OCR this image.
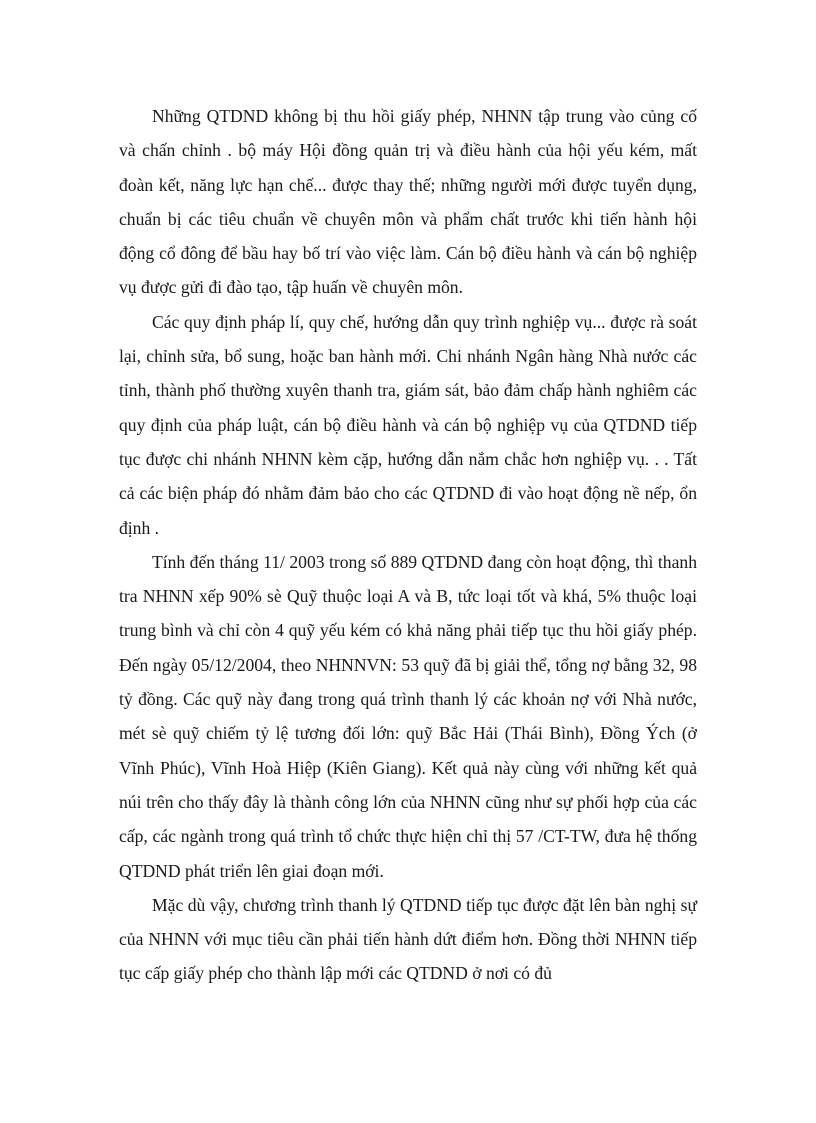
Những QTDND không bị thu hồi giấy phép, NHNN tập trung vào củng cố và chấn chỉnh . bộ máy Hội đồng quản trị và điều hành của hội yếu kém, mất đoàn kết, năng lực hạn chế... được thay thế; những người mới được tuyển dụng, chuẩn bị các tiêu chuẩn về chuyên môn và phẩm chất trước khi tiến hành hội động cổ đông để bầu hay bố trí vào việc làm. Cán bộ điều hành và cán bộ nghiệp vụ được gửi đi đào tạo, tập huấn về chuyên môn.

Các quy định pháp lí, quy chế, hướng dẫn quy trình nghiệp vụ... được rà soát lại, chỉnh sửa, bổ sung, hoặc ban hành mới. Chi nhánh Ngân hàng Nhà nước các tỉnh, thành phố thường xuyên thanh tra, giám sát, bảo đảm chấp hành nghiêm các quy định của pháp luật, cán bộ điều hành và cán bộ nghiệp vụ của QTDND tiếp tục được chi nhánh NHNN kèm cặp, hướng dẫn nắm chắc hơn nghiệp vụ. . . Tất cả các biện pháp đó nhằm đảm bảo cho các QTDND đi vào hoạt động nề nếp, ổn định .

Tính đến tháng 11/ 2003 trong số 889 QTDND đang còn hoạt động, thì thanh tra NHNN xếp 90% sè Quỹ thuộc loại A và B, tức loại tốt và khá, 5% thuộc loại trung bình và chỉ còn 4 quỹ yếu kém có khả năng phải tiếp tục thu hồi giấy phép. Đến ngày 05/12/2004, theo NHNNVN: 53 quỹ đã bị giải thể, tổng nợ bằng 32, 98 tỷ đồng. Các quỹ này đang trong quá trình thanh lý các khoản nợ với Nhà nước, mét sè quỹ chiếm tỷ lệ tương đối lớn: quỹ Bắc Hải (Thái Bình), Đồng Ých (ở Vĩnh Phúc), Vĩnh Hoà Hiệp (Kiên Giang). Kết quả này cùng với những kết quả núi trên cho thấy đây là thành công lớn của NHNN cũng như sự phối hợp của các cấp, các ngành trong quá trình tổ chức thực hiện chỉ thị 57 /CT-TW, đưa hệ thống QTDND phát triển lên giai đoạn mới.

Mặc dù vậy, chương trình thanh lý QTDND tiếp tục được đặt lên bàn nghị sự của NHNN với mục tiêu cần phải tiến hành dứt điểm hơn. Đồng thời NHNN tiếp tục cấp giấy phép cho thành lập mới các QTDND ở nơi có đủ
